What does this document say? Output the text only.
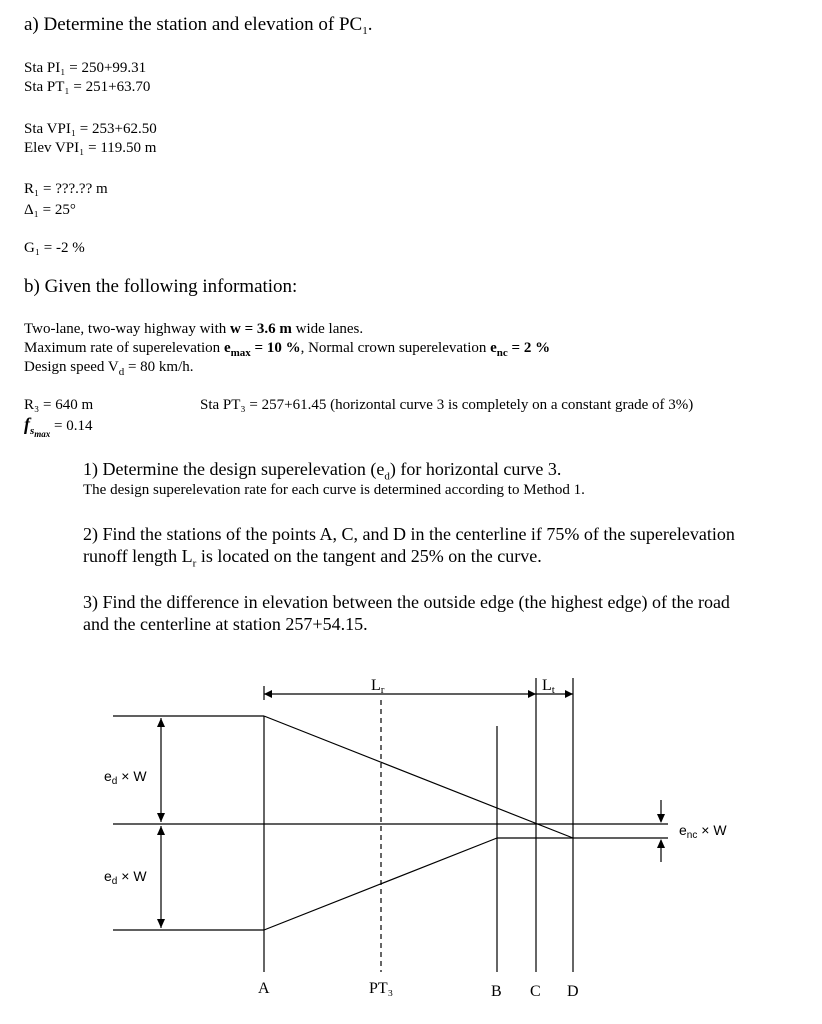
a) Determine the station and elevation of $PC_1$.
Sta PI₁ = 250+99.31
Sta PT₁ = 251+63.70
Sta VPI₁ = 253+62.50
Elev VPI₁ = 119.50 m
R₁ = ???.?? m
Δ₁ = 25°
G₁ = -2 %
b) Given the following information:
Two-lane, two-way highway with w = 3.6 m wide lanes.
Maximum rate of superelevation $e_{max} = 10$ %, Normal crown superelevation $e_{nc} = 2$ %
Design speed $V_d = 80$ km/h.
R₃ = 640 m	Sta PT₃ = 257+61.45 (horizontal curve 3 is completely on a constant grade of 3%)
$f_{s_{max}} = 0.14$
1) Determine the design superelevation $(e_d)$ for horizontal curve 3.
The design superelevation rate for each curve is determined according to Method 1.
2) Find the stations of the points A, C, and D in the centerline if 75% of the superelevation
runoff length $L_r$ is located on the tangent and 25% on the curve.
3) Find the difference in elevation between the outside edge (the highest edge) of the road
and the centerline at station 257+54.15.
Lr	Lt
$e_d \times W$
$e_d \times W$
$e_{nc} \times W$
A	PT₃	B C D
